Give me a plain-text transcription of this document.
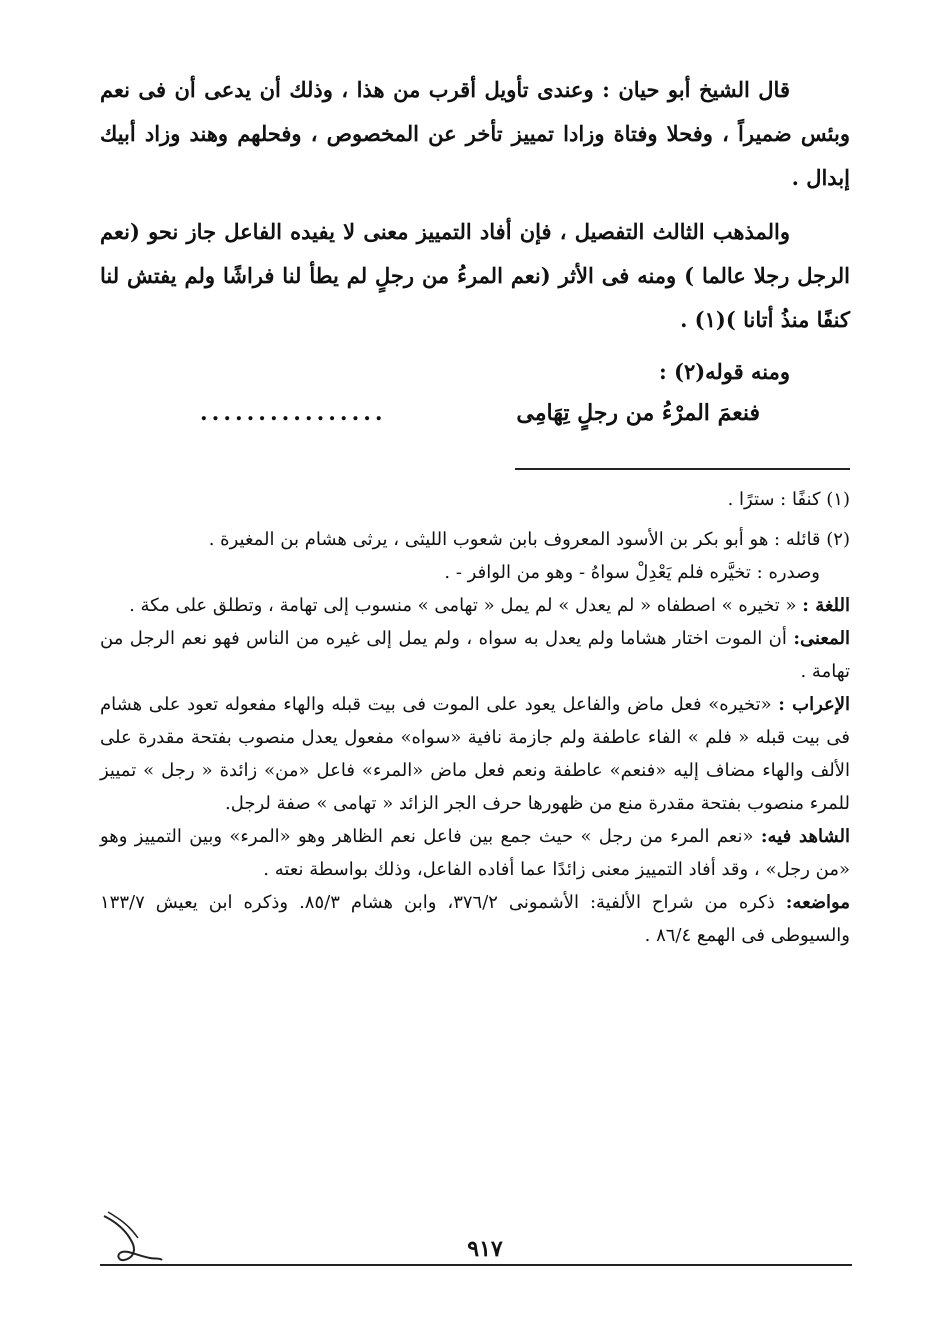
قال الشيخ أبو حيان : وعندى تأويل أقرب من هذا ، وذلك أن يدعى أن فى نعم وبئس ضميراً ، وفحلا وفتاة وزادا تمييز تأخر عن المخصوص ، وفحلهم وهند وزاد أبيك إبدال .

والمذهب الثالث التفصيل ، فإن أفاد التمييز معنى لا يفيده الفاعل جاز نحو (نعم الرجل رجلا عالما ) ومنه فى الأثر (نعم المرءُ من رجلٍ لم يطأ لنا فراشًا ولم يفتش لنا كنفًا منذُ أتانا )(١) .

ومنه قوله(٢) :

فنعمَ المرْءُ من رجلٍ تِهَامِى
................

(١) كنفًا : سترًا .

(٢) قائله : هو أبو بكر بن الأسود المعروف بابن شعوب الليثى ، يرثى هشام بن المغيرة .

وصدره : تخيَّره فلم يَعْدِلْ سواهُ - وهو من الوافر - .

اللغة : « تخيره » اصطفاه « لم يعدل » لم يمل « تهامى » منسوب إلى تهامة ، وتطلق على مكة .

المعنى: أن الموت اختار هشاما ولم يعدل به سواه ، ولم يمل إلى غيره من الناس فهو نعم الرجل من تهامة .

الإعراب : «تخيره» فعل ماض والفاعل يعود على الموت فى بيت قبله والهاء مفعوله تعود على هشام فى بيت قبله « فلم » الفاء عاطفة ولم جازمة نافية «سواه» مفعول يعدل منصوب بفتحة مقدرة على الألف والهاء مضاف إليه «فنعم» عاطفة ونعم فعل ماض «المرء» فاعل «من» زائدة « رجل » تمييز للمرء منصوب بفتحة مقدرة منع من ظهورها حرف الجر الزائد « تهامى » صفة لرجل.

الشاهد فيه: «نعم المرء من رجل » حيث جمع بين فاعل نعم الظاهر وهو «المرء» وبين التمييز وهو «من رجل» ، وقد أفاد التمييز معنى زائدًا عما أفاده الفاعل، وذلك بواسطة نعته .

مواضعه: ذكره من شراح الألفية: الأشمونى ٣٧٦/٢، وابن هشام ٨٥/٣. وذكره ابن يعيش ١٣٣/٧ والسيوطى فى الهمع ٨٦/٤ .

٩١٧
